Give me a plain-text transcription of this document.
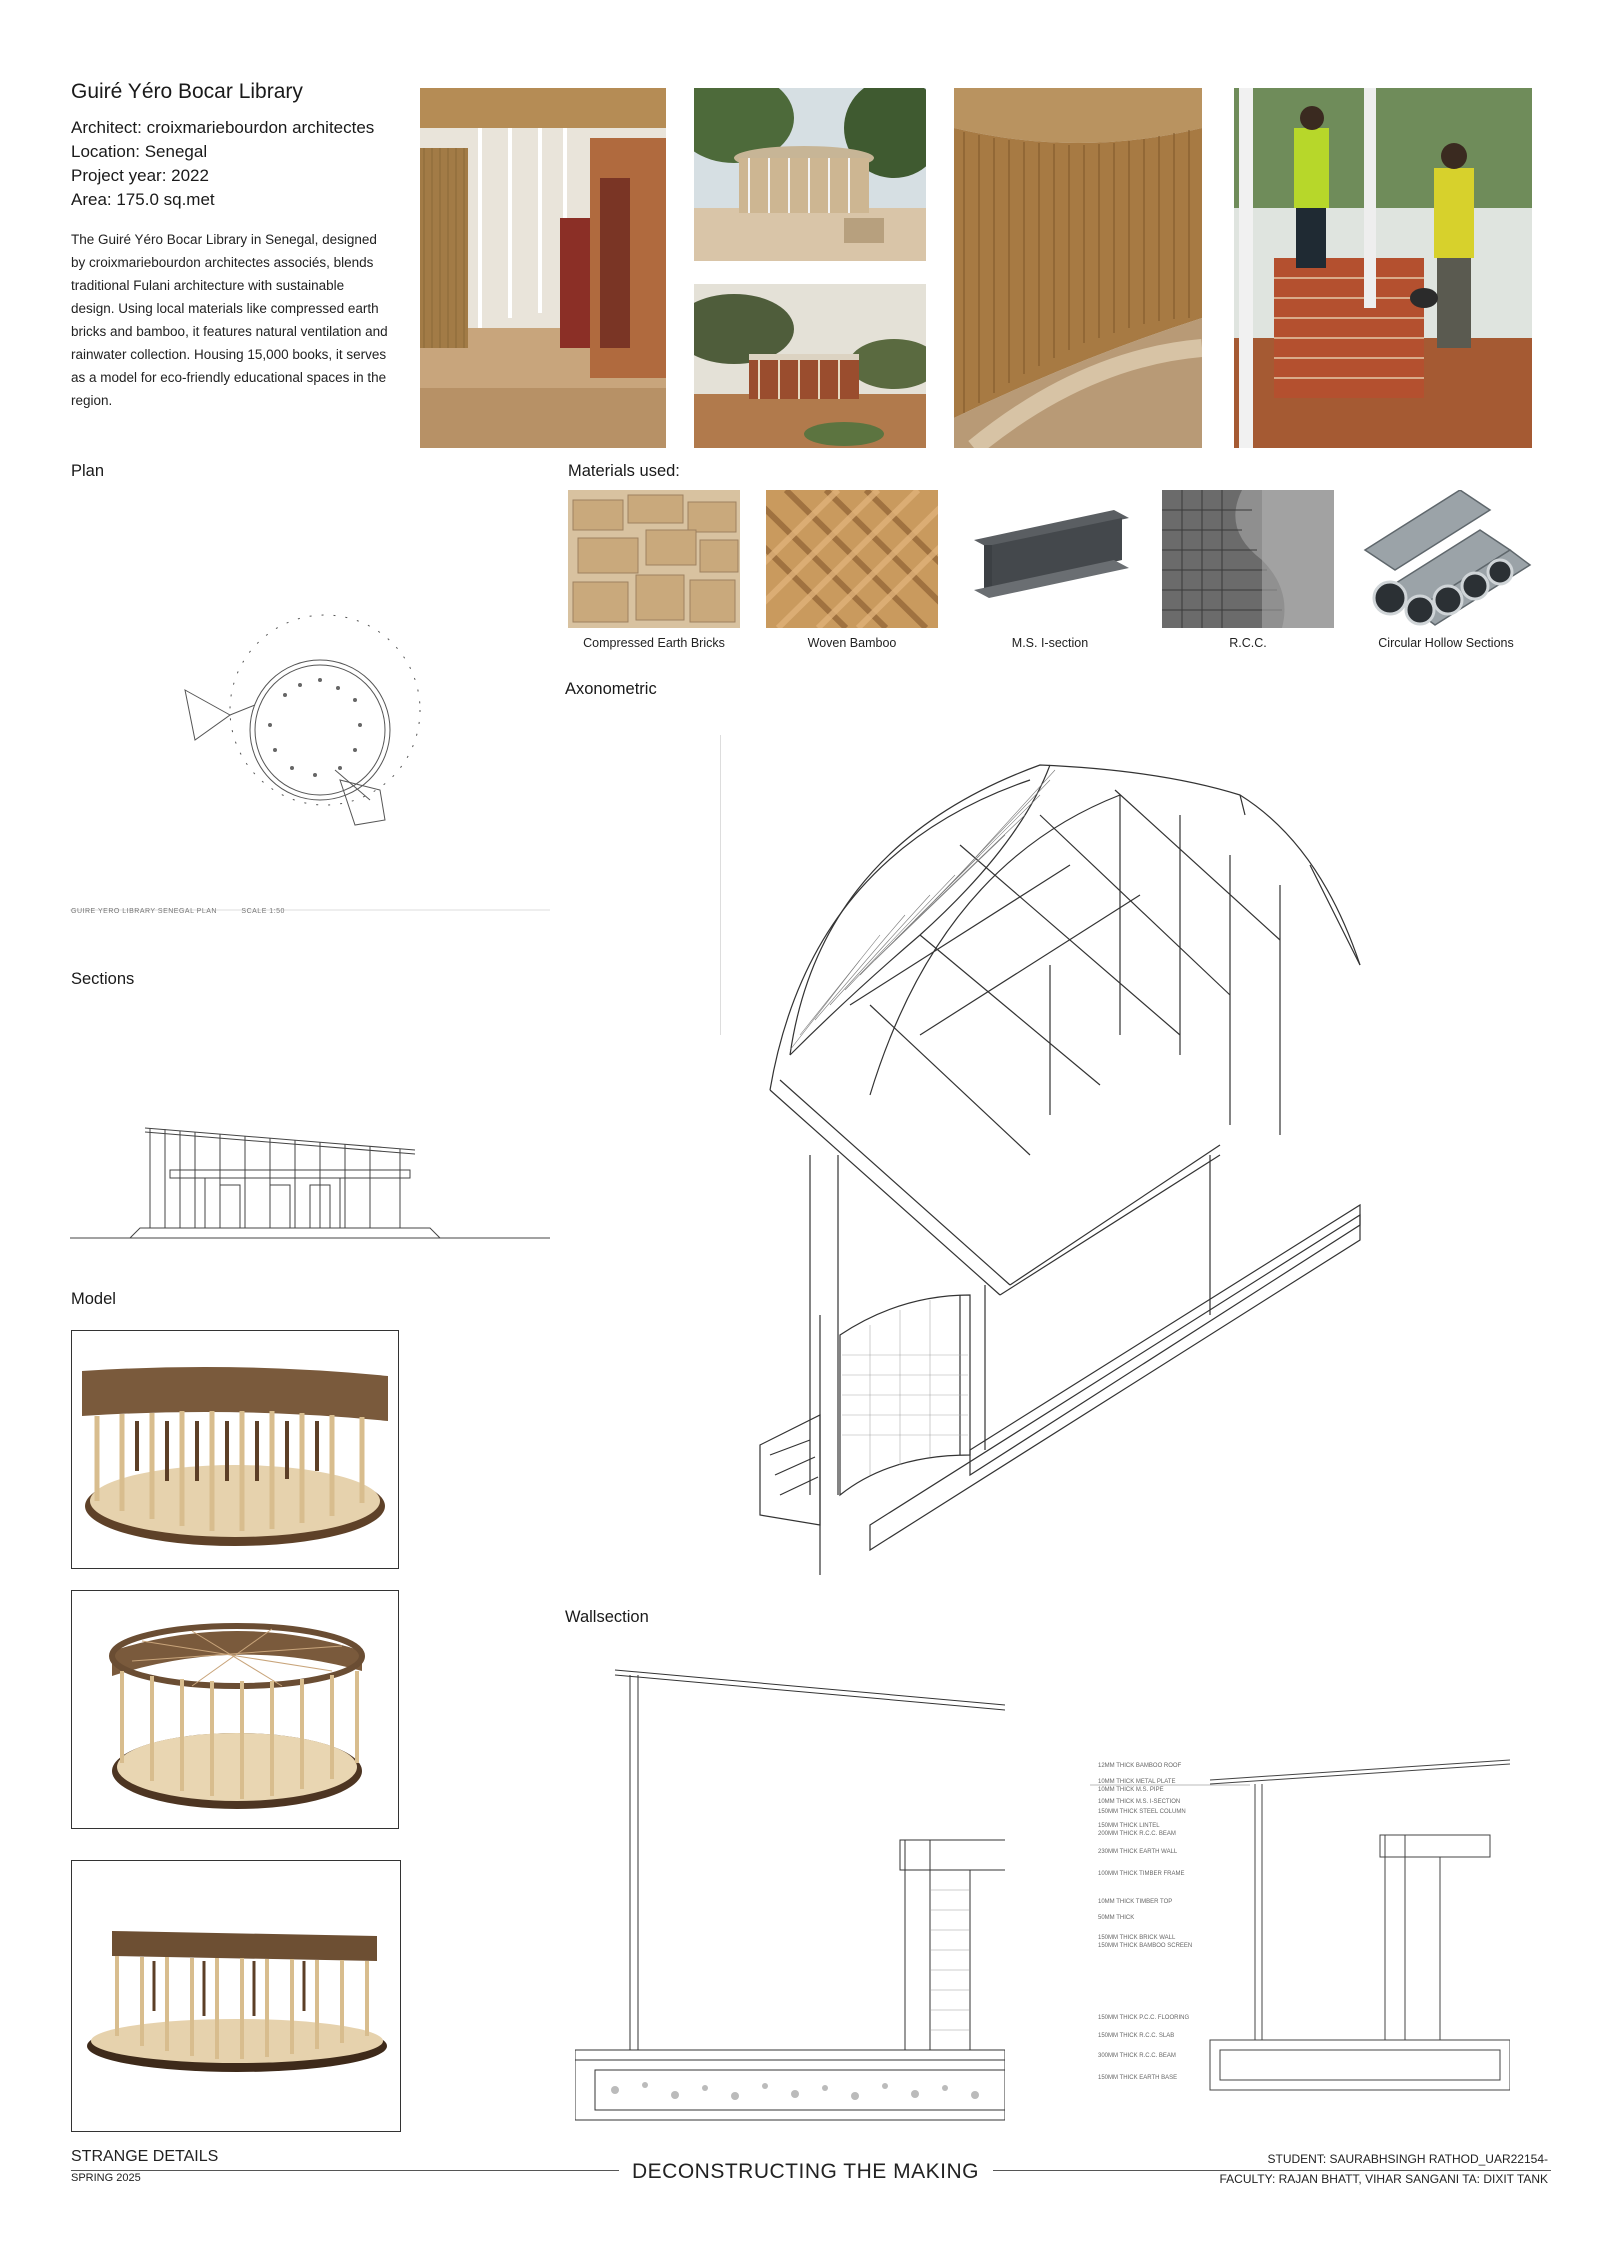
Guiré Yéro Bocar Library
Architect: croixmariebourdon architectes
Location: Senegal
Project year: 2022
Area: 175.0 sq.met
The Guiré Yéro Bocar Library in Senegal, designed by croixmariebourdon architectes associés, blends traditional Fulani architecture with sustainable design. Using local materials like compressed earth bricks and bamboo, it features natural ventilation and rainwater collection. Housing 15,000 books, it serves as a model for eco-friendly educational spaces in the region.
Plan	Materials used:
Axonometric
Sections
Model
Wallsection
Compressed Earth Bricks	Woven Bamboo	M.S. I-section	R.C.C.	Circular Hollow Sections
GUIRE YERO LIBRARY SENEGAL PLAN          SCALE 1:50
12MM THICK BAMBOO ROOF
10MM THICK METAL PLATE
10MM THICK M.S. PIPE
10MM THICK M.S. I-SECTION
150MM THICK STEEL COLUMN
150MM THICK LINTEL
200MM THICK R.C.C. BEAM
230MM THICK EARTH WALL
100MM THICK TIMBER FRAME
10MM THICK TIMBER TOP
50MM THICK
150MM THICK BRICK WALL
150MM THICK BAMBOO SCREEN
150MM THICK P.C.C. FLOORING
150MM THICK R.C.C. SLAB
300MM THICK R.C.C. BEAM
150MM THICK EARTH BASE
STRANGE DETAILS
SPRING 2025	DECONSTRUCTING THE MAKING
STUDENT: SAURABHSINGH RATHOD_UAR22154-
FACULTY: RAJAN BHATT, VIHAR SANGANI TA: DIXIT TANK
